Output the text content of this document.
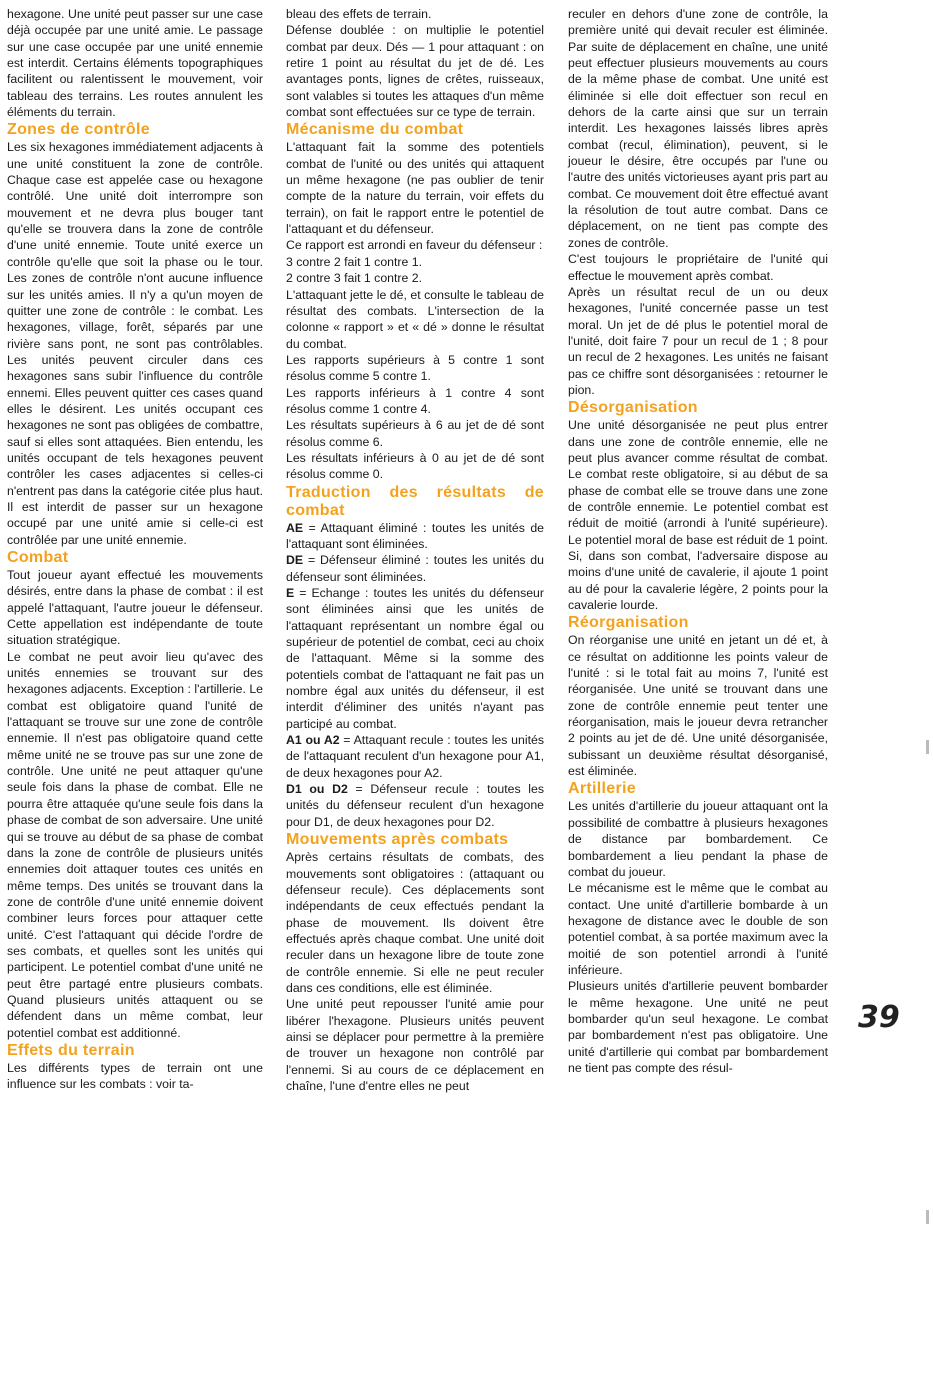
hexagone. Une unité peut passer sur une case déjà occupée par une unité amie. Le passage sur une case occupée par une unité ennemie est interdit. Certains éléments topographiques facilitent ou ralentissent le mouvement, voir tableau des terrains. Les routes annulent les éléments du terrain.

Zones de contrôle

Les six hexagones immédiatement adjacents à une unité constituent la zone de contrôle. Chaque case est appelée case ou hexagone contrôlé. Une unité doit interrompre son mouvement et ne devra plus bouger tant qu'elle se trouvera dans la zone de contrôle d'une unité ennemie. Toute unité exerce un contrôle qu'elle que soit la phase ou le tour. Les zones de contrôle n'ont aucune influence sur les unités amies. Il n'y a qu'un moyen de quitter une zone de contrôle : le combat. Les hexagones, village, forêt, séparés par une rivière sans pont, ne sont pas contrôlables. Les unités peuvent circuler dans ces hexagones sans subir l'influence du contrôle ennemi. Elles peuvent quitter ces cases quand elles le désirent. Les unités occupant ces hexagones ne sont pas obligées de combattre, sauf si elles sont attaquées. Bien entendu, les unités occupant de tels hexagones peuvent contrôler les cases adjacentes si celles-ci n'entrent pas dans la catégorie citée plus haut. Il est interdit de passer sur un hexagone occupé par une unité amie si celle-ci est contrôlée par une unité ennemie.

Combat

Tout joueur ayant effectué les mouvements désirés, entre dans la phase de combat : il est appelé l'attaquant, l'autre joueur le défenseur. Cette appellation est indépendante de toute situation stratégique.

Le combat ne peut avoir lieu qu'avec des unités ennemies se trouvant sur des hexagones adjacents. Exception : l'artillerie. Le combat est obligatoire quand l'unité de l'attaquant se trouve sur une zone de contrôle ennemie. Il n'est pas obligatoire quand cette même unité ne se trouve pas sur une zone de contrôle. Une unité ne peut attaquer qu'une seule fois dans la phase de combat. Elle ne pourra être attaquée qu'une seule fois dans la phase de combat de son adversaire. Une unité qui se trouve au début de sa phase de combat dans la zone de contrôle de plusieurs unités ennemies doit attaquer toutes ces unités en même temps. Des unités se trouvant dans la zone de contrôle d'une unité ennemie doivent combiner leurs forces pour attaquer cette unité. C'est l'attaquant qui décide l'ordre de ses combats, et quelles sont les unités qui participent. Le potentiel combat d'une unité ne peut être partagé entre plusieurs combats. Quand plusieurs unités attaquent ou se défendent dans un même combat, leur potentiel combat est additionné.

Effets du terrain

Les différents types de terrain ont une influence sur les combats : voir ta-

bleau des effets de terrain.

Défense doublée : on multiplie le potentiel combat par deux. Dés — 1 pour attaquant : on retire 1 point au résultat du jet de dé. Les avantages ponts, lignes de crêtes, ruisseaux, sont valables si toutes les attaques d'un même combat sont effectuées sur ce type de terrain.

Mécanisme du combat

L'attaquant fait la somme des potentiels combat de l'unité ou des unités qui attaquent un même hexagone (ne pas oublier de tenir compte de la nature du terrain, voir effets du terrain), on fait le rapport entre le potentiel de l'attaquant et du défenseur.

Ce rapport est arrondi en faveur du défenseur :

3 contre 2 fait 1 contre 1.

2 contre 3 fait 1 contre 2.

L'attaquant jette le dé, et consulte le tableau de résultat des combats. L'intersection de la colonne « rapport » et « dé » donne le résultat du combat.

Les rapports supérieurs à 5 contre 1 sont résolus comme 5 contre 1.

Les rapports inférieurs à 1 contre 4 sont résolus comme 1 contre 4.

Les résultats supérieurs à 6 au jet de dé sont résolus comme 6.

Les résultats inférieurs à 0 au jet de dé sont résolus comme 0.

Traduction des résultats de combat

AE = Attaquant éliminé : toutes les unités de l'attaquant sont éliminées.

DE = Défenseur éliminé : toutes les unités du défenseur sont éliminées.

E = Echange : toutes les unités du défenseur sont éliminées ainsi que les unités de l'attaquant représentant un nombre égal ou supérieur de potentiel de combat, ceci au choix de l'attaquant. Même si la somme des potentiels combat de l'attaquant ne fait pas un nombre égal aux unités du défenseur, il est interdit d'éliminer des unités n'ayant pas participé au combat.

A1 ou A2 = Attaquant recule : toutes les unités de l'attaquant reculent d'un hexagone pour A1, de deux hexagones pour A2.

D1 ou D2 = Défenseur recule : toutes les unités du défenseur reculent d'un hexagone pour D1, de deux hexagones pour D2.

Mouvements après combats

Après certains résultats de combats, des mouvements sont obligatoires : (attaquant ou défenseur recule). Ces déplacements sont indépendants de ceux effectués pendant la phase de mouvement. Ils doivent être effectués après chaque combat. Une unité doit reculer dans un hexagone libre de toute zone de contrôle ennemie. Si elle ne peut reculer dans ces conditions, elle est éliminée.

Une unité peut repousser l'unité amie pour libérer l'hexagone. Plusieurs unités peuvent ainsi se déplacer pour permettre à la première de trouver un hexagone non contrôlé par l'ennemi. Si au cours de ce déplacement en chaîne, l'une d'entre elles ne peut

reculer en dehors d'une zone de contrôle, la première unité qui devait reculer est éliminée. Par suite de déplacement en chaîne, une unité peut effectuer plusieurs mouvements au cours de la même phase de combat. Une unité est éliminée si elle doit effectuer son recul en dehors de la carte ainsi que sur un terrain interdit. Les hexagones laissés libres après combat (recul, élimination), peuvent, si le joueur le désire, être occupés par l'une ou l'autre des unités victorieuses ayant pris part au combat. Ce mouvement doit être effectué avant la résolution de tout autre combat. Dans ce déplacement, on ne tient pas compte des zones de contrôle.

C'est toujours le propriétaire de l'unité qui effectue le mouvement après combat.

Après un résultat recul de un ou deux hexagones, l'unité concernée passe un test moral. Un jet de dé plus le potentiel moral de l'unité, doit faire 7 pour un recul de 1 ; 8 pour un recul de 2 hexagones. Les unités ne faisant pas ce chiffre sont désorganisées : retourner le pion.

Désorganisation

Une unité désorganisée ne peut plus entrer dans une zone de contrôle ennemie, elle ne peut plus avancer comme résultat de combat. Le combat reste obligatoire, si au début de sa phase de combat elle se trouve dans une zone de contrôle ennemie. Le potentiel combat est réduit de moitié (arrondi à l'unité supérieure). Le potentiel moral de base est réduit de 1 point. Si, dans son combat, l'adversaire dispose au moins d'une unité de cavalerie, il ajoute 1 point au dé pour la cavalerie légère, 2 points pour la cavalerie lourde.

Réorganisation

On réorganise une unité en jetant un dé et, à ce résultat on additionne les points valeur de l'unité : si le total fait au moins 7, l'unité est réorganisée. Une unité se trouvant dans une zone de contrôle ennemie peut tenter une réorganisation, mais le joueur devra retrancher 2 points au jet de dé. Une unité désorganisée, subissant un deuxième résultat désorganisé, est éliminée.

Artillerie

Les unités d'artillerie du joueur attaquant ont la possibilité de combattre à plusieurs hexagones de distance par bombardement. Ce bombardement a lieu pendant la phase de combat du joueur.

Le mécanisme est le même que le combat au contact. Une unité d'artillerie bombarde à un hexagone de distance avec le double de son potentiel combat, à sa portée maximum avec la moitié de son potentiel arrondi à l'unité inférieure.

Plusieurs unités d'artillerie peuvent bombarder le même hexagone. Une unité ne peut bombarder qu'un seul hexagone. Le combat par bombardement n'est pas obligatoire. Une unité d'artillerie qui combat par bombardement ne tient pas compte des résul-

39
